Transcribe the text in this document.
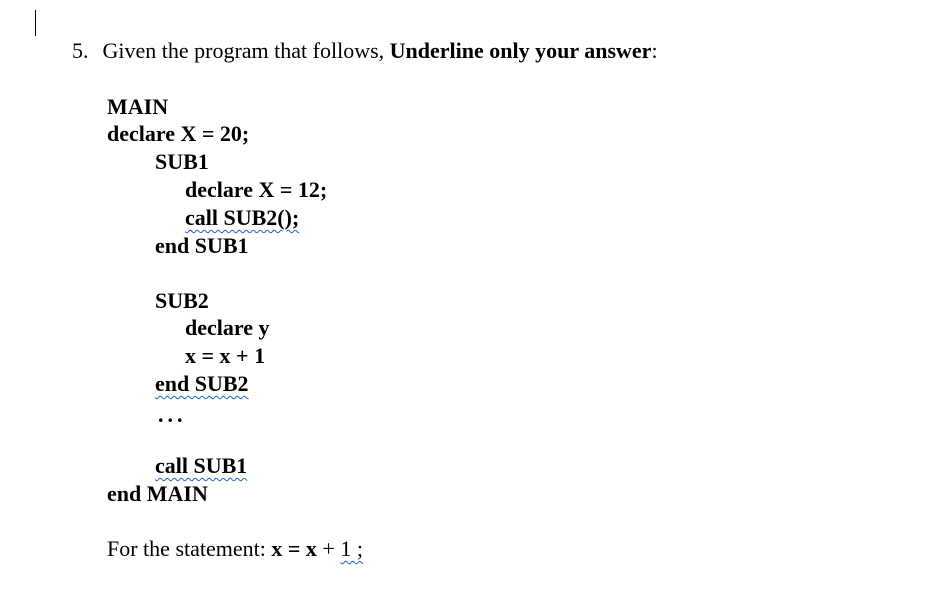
5. Given the program that follows, Underline only your answer:
MAIN
declare X = 20;
SUB1
declare X = 12;
call SUB2();
end SUB1
SUB2
declare y
x = x + 1
end SUB2
...
call SUB1
end MAIN
For the statement: x = x + 1 ;
